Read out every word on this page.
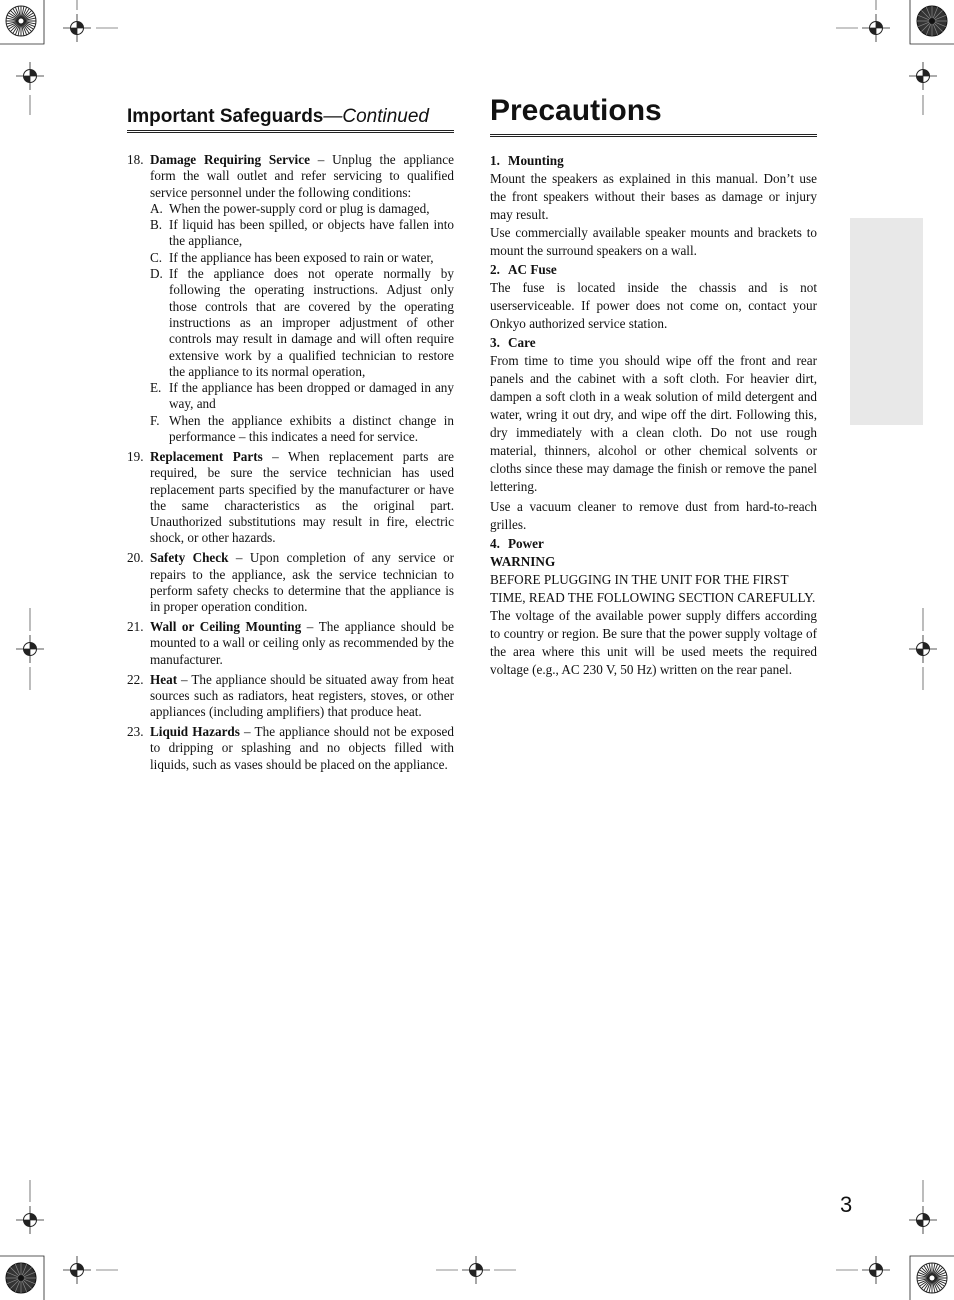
Important Safeguards—Continued	Precautions
18. Damage Requiring Service – Unplug the appliance form the wall outlet and refer servicing to qualified service personnel under the following conditions:
A. When the power-supply cord or plug is damaged,
B. If liquid has been spilled, or objects have fallen into the appliance,
C. If the appliance has been exposed to rain or water,
D. If the appliance does not operate normally by following the operating instructions. Adjust only those controls that are covered by the operating instructions as an improper adjustment of other controls may result in damage and will often require extensive work by a qualified technician to restore the appliance to its normal operation,
E. If the appliance has been dropped or damaged in any way, and
F. When the appliance exhibits a distinct change in performance – this indicates a need for service.
19. Replacement Parts – When replacement parts are required, be sure the service technician has used replacement parts specified by the manufacturer or have the same characteristics as the original part. Unauthorized substitutions may result in fire, electric shock, or other hazards.
20. Safety Check – Upon completion of any service or repairs to the appliance, ask the service technician to perform safety checks to determine that the appliance is in proper operation condition.
21. Wall or Ceiling Mounting – The appliance should be mounted to a wall or ceiling only as recommended by the manufacturer.
22. Heat – The appliance should be situated away from heat sources such as radiators, heat registers, stoves, or other appliances (including amplifiers) that produce heat.
23. Liquid Hazards – The appliance should not be exposed to dripping or splashing and no objects filled with liquids, such as vases should be placed on the appliance.
1. Mounting

Mount the speakers as explained in this manual. Don’t use the front speakers without their bases as damage or injury may result.

Use commercially available speaker mounts and brackets to mount the surround speakers on a wall.

2. AC Fuse

The fuse is located inside the chassis and is not userserviceable. If power does not come on, contact your Onkyo authorized service station.

3. Care

From time to time you should wipe off the front and rear panels and the cabinet with a soft cloth. For heavier dirt, dampen a soft cloth in a weak solution of mild detergent and water, wring it out dry, and wipe off the dirt. Following this, dry immediately with a clean cloth. Do not use rough material, thinners, alcohol or other chemical solvents or cloths since these may damage the finish or remove the panel lettering.

Use a vacuum cleaner to remove dust from hard-to-reach grilles.

4. Power
WARNING

BEFORE PLUGGING IN THE UNIT FOR THE FIRST TIME, READ THE FOLLOWING SECTION CAREFULLY.

The voltage of the available power supply differs according to country or region. Be sure that the power supply voltage of the area where this unit will be used meets the required voltage (e.g., AC 230 V, 50 Hz) written on the rear panel.

3
